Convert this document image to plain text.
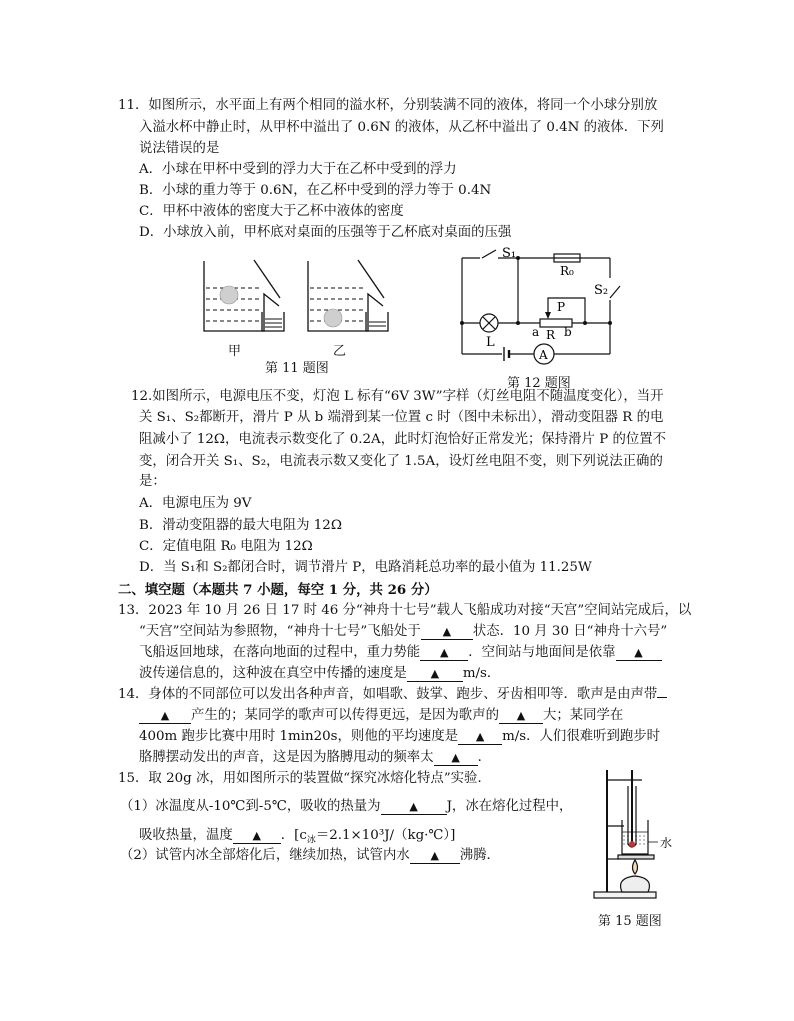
11．如图所示，水平面上有两个相同的溢水杯，分别装满不同的液体，将同一个小球分别放
入溢水杯中静止时，从甲杯中溢出了 0.6N 的液体，从乙杯中溢出了 0.4N 的液体．下列
说法错误的是
A．小球在甲杯中受到的浮力大于在乙杯中受到的浮力
B．小球的重力等于 0.6N，在乙杯中受到的浮力等于 0.4N
C．甲杯中液体的密度大于乙杯中液体的密度
D．小球放入前，甲杯底对桌面的压强等于乙杯底对桌面的压强
甲	乙
第 11 题图
S₁
R₀
S₂
P
a R b
L
A
第 12 题图
12.如图所示，电源电压不变，灯泡 L 标有“6V 3W”字样（灯丝电阻不随温度变化），当开
关 S₁、S₂都断开，滑片 P 从 b 端滑到某一位置 c 时（图中未标出），滑动变阻器 R 的电
阻减小了 12Ω，电流表示数变化了 0.2A，此时灯泡恰好正常发光；保持滑片 P 的位置不
变，闭合开关 S₁、S₂，电流表示数又变化了 1.5A，设灯丝电阻不变，则下列说法正确的
是：
A．电源电压为 9V
B．滑动变阻器的最大电阻为 12Ω
C．定值电阻 R₀ 电阻为 12Ω
D．当 S₁和 S₂都闭合时，调节滑片 P，电路消耗总功率的最小值为 11.25W
二、填空题（本题共 7 小题，每空 1 分，共 26 分）
13．2023 年 10 月 26 日 17 时 46 分“神舟十七号”载人飞船成功对接“天宫”空间站完成后，以
“天宫”空间站为参照物，“神舟十七号”飞船处于 ▲ 状态．10 月 30 日“神舟十六号”
飞船返回地球，在落向地面的过程中，重力势能 ▲ ．空间站与地面间是依靠 ▲
波传递信息的，这种波在真空中传播的速度是 ▲ m/s．
14．身体的不同部位可以发出各种声音，如唱歌、鼓掌、跑步、牙齿相叩等．歌声是由声带
▲ 产生的；某同学的歌声可以传得更远，是因为歌声的 ▲ 大；某同学在
400m 跑步比赛中用时 1min20s，则他的平均速度是 ▲ m/s．人们很难听到跑步时
胳膊摆动发出的声音，这是因为胳膊甩动的频率太 ▲ ．
15．取 20g 冰，用如图所示的装置做“探究冰熔化特点”实验．
（1）冰温度从-10℃到-5℃，吸收的热量为	▲ J，冰在熔化过程中，
吸收热量，温度 ▲ ．$[c_冰=2.1\times 10^3J/(kg\cdot℃)]$
（2）试管内冰全部熔化后，继续加热，试管内水 ▲ 沸腾．
水
第 15 题图
